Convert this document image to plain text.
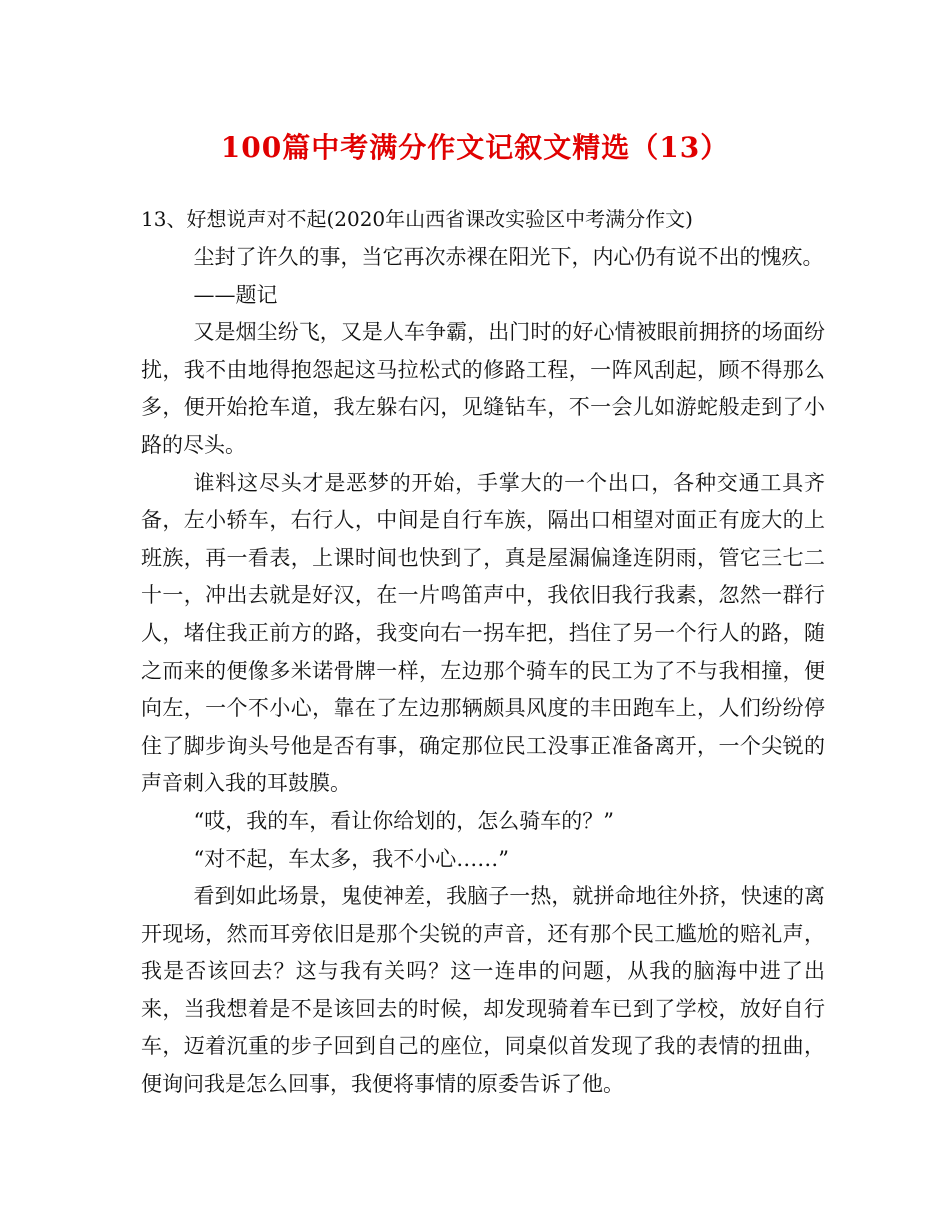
100篇中考满分作文记叙文精选（13）
13、好想说声对不起(2020年山西省课改实验区中考满分作文)

尘封了许久的事，当它再次赤裸在阳光下，内心仍有说不出的愧疚。

——题记

又是烟尘纷飞，又是人车争霸，出门时的好心情被眼前拥挤的场面纷扰，我不由地得抱怨起这马拉松式的修路工程，一阵风刮起，顾不得那么多，便开始抢车道，我左躲右闪，见缝钻车，不一会儿如游蛇般走到了小路的尽头。

谁料这尽头才是恶梦的开始，手掌大的一个出口，各种交通工具齐备，左小轿车，右行人，中间是自行车族，隔出口相望对面正有庞大的上班族，再一看表，上课时间也快到了，真是屋漏偏逢连阴雨，管它三七二十一，冲出去就是好汉，在一片鸣笛声中，我依旧我行我素，忽然一群行人，堵住我正前方的路，我变向右一拐车把，挡住了另一个行人的路，随之而来的便像多米诺骨牌一样，左边那个骑车的民工为了不与我相撞，便向左，一个不小心，靠在了左边那辆颇具风度的丰田跑车上，人们纷纷停住了脚步询头号他是否有事，确定那位民工没事正准备离开，一个尖锐的声音刺入我的耳鼓膜。

“哎，我的车，看让你给划的，怎么骑车的？”

“对不起，车太多，我不小心……”

看到如此场景，鬼使神差，我脑子一热，就拼命地往外挤，快速的离开现场，然而耳旁依旧是那个尖锐的声音，还有那个民工尴尬的赔礼声，我是否该回去？这与我有关吗？这一连串的问题，从我的脑海中进了出来，当我想着是不是该回去的时候，却发现骑着车已到了学校，放好自行车，迈着沉重的步子回到自己的座位，同桌似首发现了我的表情的扭曲，便询问我是怎么回事，我便将事情的原委告诉了他。
